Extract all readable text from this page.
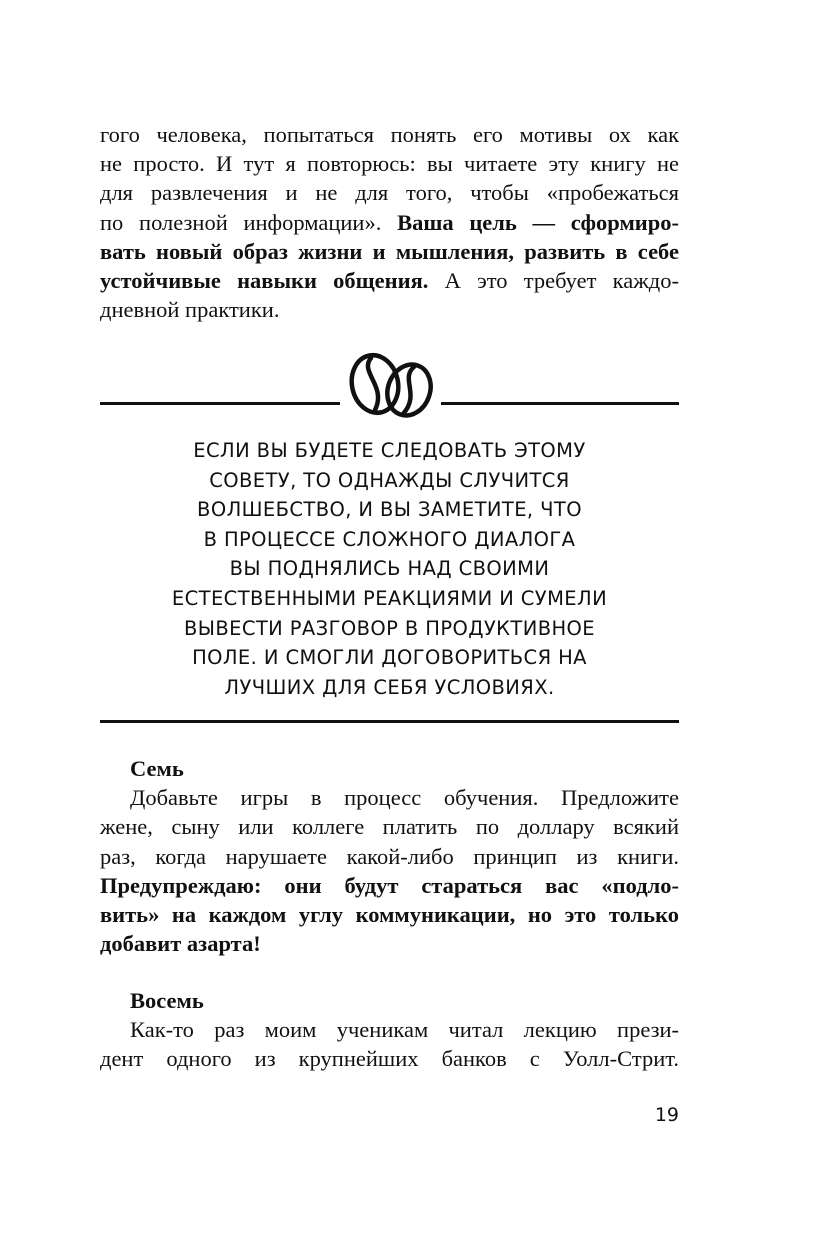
гого человека, попытаться понять его мотивы ох как
не просто. И тут я повторюсь: вы читаете эту книгу не
для развлечения и не для того, чтобы «пробежаться
по полезной информации». Ваша цель — сформиро-
вать новый образ жизни и мышления, развить в себе
устойчивые навыки общения. А это требует каждо-
дневной практики.
ЕСЛИ ВЫ БУДЕТЕ СЛЕДОВАТЬ ЭТОМУ
СОВЕТУ, ТО ОДНАЖДЫ СЛУЧИТСЯ
ВОЛШЕБСТВО, И ВЫ ЗАМЕТИТЕ, ЧТО
В ПРОЦЕССЕ СЛОЖНОГО ДИАЛОГА
ВЫ ПОДНЯЛИСЬ НАД СВОИМИ
ЕСТЕСТВЕННЫМИ РЕАКЦИЯМИ И СУМЕЛИ
ВЫВЕСТИ РАЗГОВОР В ПРОДУКТИВНОЕ
ПОЛЕ. И СМОГЛИ ДОГОВОРИТЬСЯ НА
ЛУЧШИХ ДЛЯ СЕБЯ УСЛОВИЯХ.
Семь
Добавьте игры в процесс обучения. Предложите
жене, сыну или коллеге платить по доллару всякий
раз, когда нарушаете какой-либо принцип из книги.
Предупреждаю: они будут стараться вас «подло-
вить» на каждом углу коммуникации, но это только
добавит азарта!
Восемь
Как-то раз моим ученикам читал лекцию прези-
дент одного из крупнейших банков с Уолл-Стрит.
19
